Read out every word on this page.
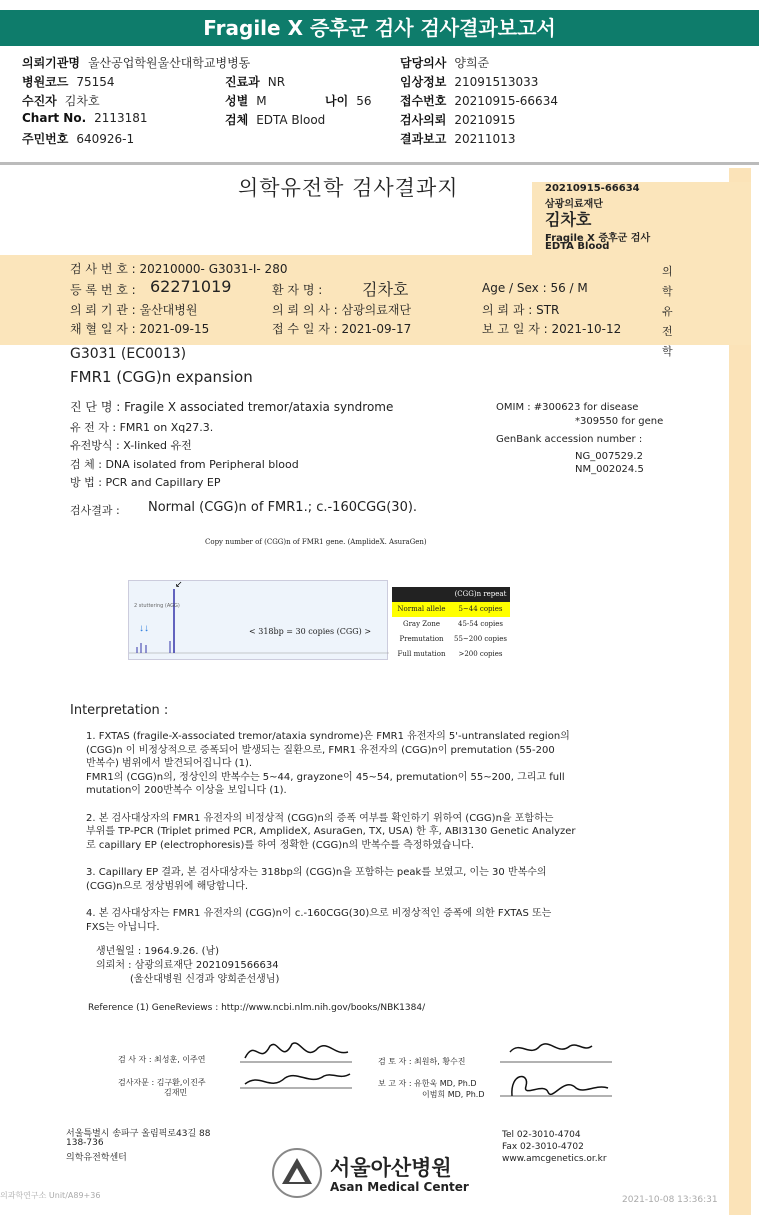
Fragile X 증후군 검사 검사결과보고서
의뢰기관명 울산공업학원울산대학교병병동
병원코드 75154
수진자 김차호
Chart No. 2113181
주민번호 640926-1
진료과 NR
성별 M
검체 EDTA Blood
나이 56
담당의사 양희준
임상정보 21091513033
접수번호 20210915-66634
검사의뢰 20210915
결과보고 20211013
의학유전학 검사결과지	20210915-66634
삼광의료재단
김차호
Fragile X 증후군 검사
EDTA Blood
의학유전학
검 사 번 호 : 20210000- G3031-I- 280
등 록 번 호 : 62271019	환 자 명 : 김차호	Age / Sex : 56 / M
의 뢰 기 관 : 울산대병원	의 뢰 의 사 : 삼광의료재단	의 뢰 과 : STR
채 혈 일 자 : 2021-09-15	접 수 일 자 : 2021-09-17	보 고 일 자 : 2021-10-12
G3031 (EC0013)
FMR1 (CGG)n expansion
진 단 명 : Fragile X associated tremor/ataxia syndrome
유 전 자 : FMR1 on Xq27.3.
유전방식 : X-linked 유전
검 체 : DNA isolated from Peripheral blood
방 법 : PCR and Capillary EP
OMIM : #300623 for disease
*309550 for gene
GenBank accession number :
NG_007529.2
NM_002024.5
검사결과 : Normal (CGG)n of FMR1.; c.-160CGG(30).
Copy number of (CGG)n of FMR1 gene. (AmplideX. AsuraGen)
↓↓
↙
2 stuttering (AGG)
< 318bp = 30 copies (CGG) >
(CGG)n repeat
Normal allele	5~44 copies
Gray Zone	45-54 copies
Premutation	55~200 copies
Full mutation	>200 copies
Interpretation :
1. FXTAS (fragile-X-associated tremor/ataxia syndrome)은 FMR1 유전자의 5'-untranslated region의
(CGG)n 이 비정상적으로 증폭되어 발생되는 질환으로, FMR1 유전자의 (CGG)n이 premutation (55-200
반복수) 범위에서 발견되어집니다 (1).
FMR1의 (CGG)n의, 정상인의 반복수는 5~44, grayzone이 45~54, premutation이 55~200, 그리고 full
mutation이 200반복수 이상을 보입니다 (1).
2. 본 검사대상자의 FMR1 유전자의 비정상적 (CGG)n의 증폭 여부를 확인하기 위하여 (CGG)n을 포함하는
부위를 TP-PCR (Triplet primed PCR, AmplideX, AsuraGen, TX, USA) 한 후, ABI3130 Genetic Analyzer
로 capillary EP (electrophoresis)를 하여 정확한 (CGG)n의 반복수를 측정하였습니다.
3. Capillary EP 결과, 본 검사대상자는 318bp의 (CGG)n을 포함하는 peak를 보였고, 이는 30 반복수의
(CGG)n으로 정상범위에 해당합니다.
4. 본 검사대상자는 FMR1 유전자의 (CGG)n이 c.-160CGG(30)으로 비정상적인 증폭에 의한 FXTAS 또는
FXS는 아닙니다.
생년월일 : 1964.9.26. (남)
의뢰처 : 삼광의료재단 2021091566634
(울산대병원 신경과 양희준선생님)
Reference (1) GeneReviews : http://www.ncbi.nlm.nih.gov/books/NBK1384/
검 사 자 : 최성훈, 이주연
검사자문 : 김구환,이진주
김재민
검 토 자 : 최원하, 황수진
보 고 자 : 유한욱 MD, Ph.D
이범희 MD, Ph.D
서울특별시 송파구 올림픽로43길 88
138-736
의학유전학센터
Tel 02-3010-4704
Fax 02-3010-4702
www.amcgenetics.or.kr
서울아산병원
Asan Medical Center
의과학연구소 Unit/A89+36	2021-10-08 13:36:31
